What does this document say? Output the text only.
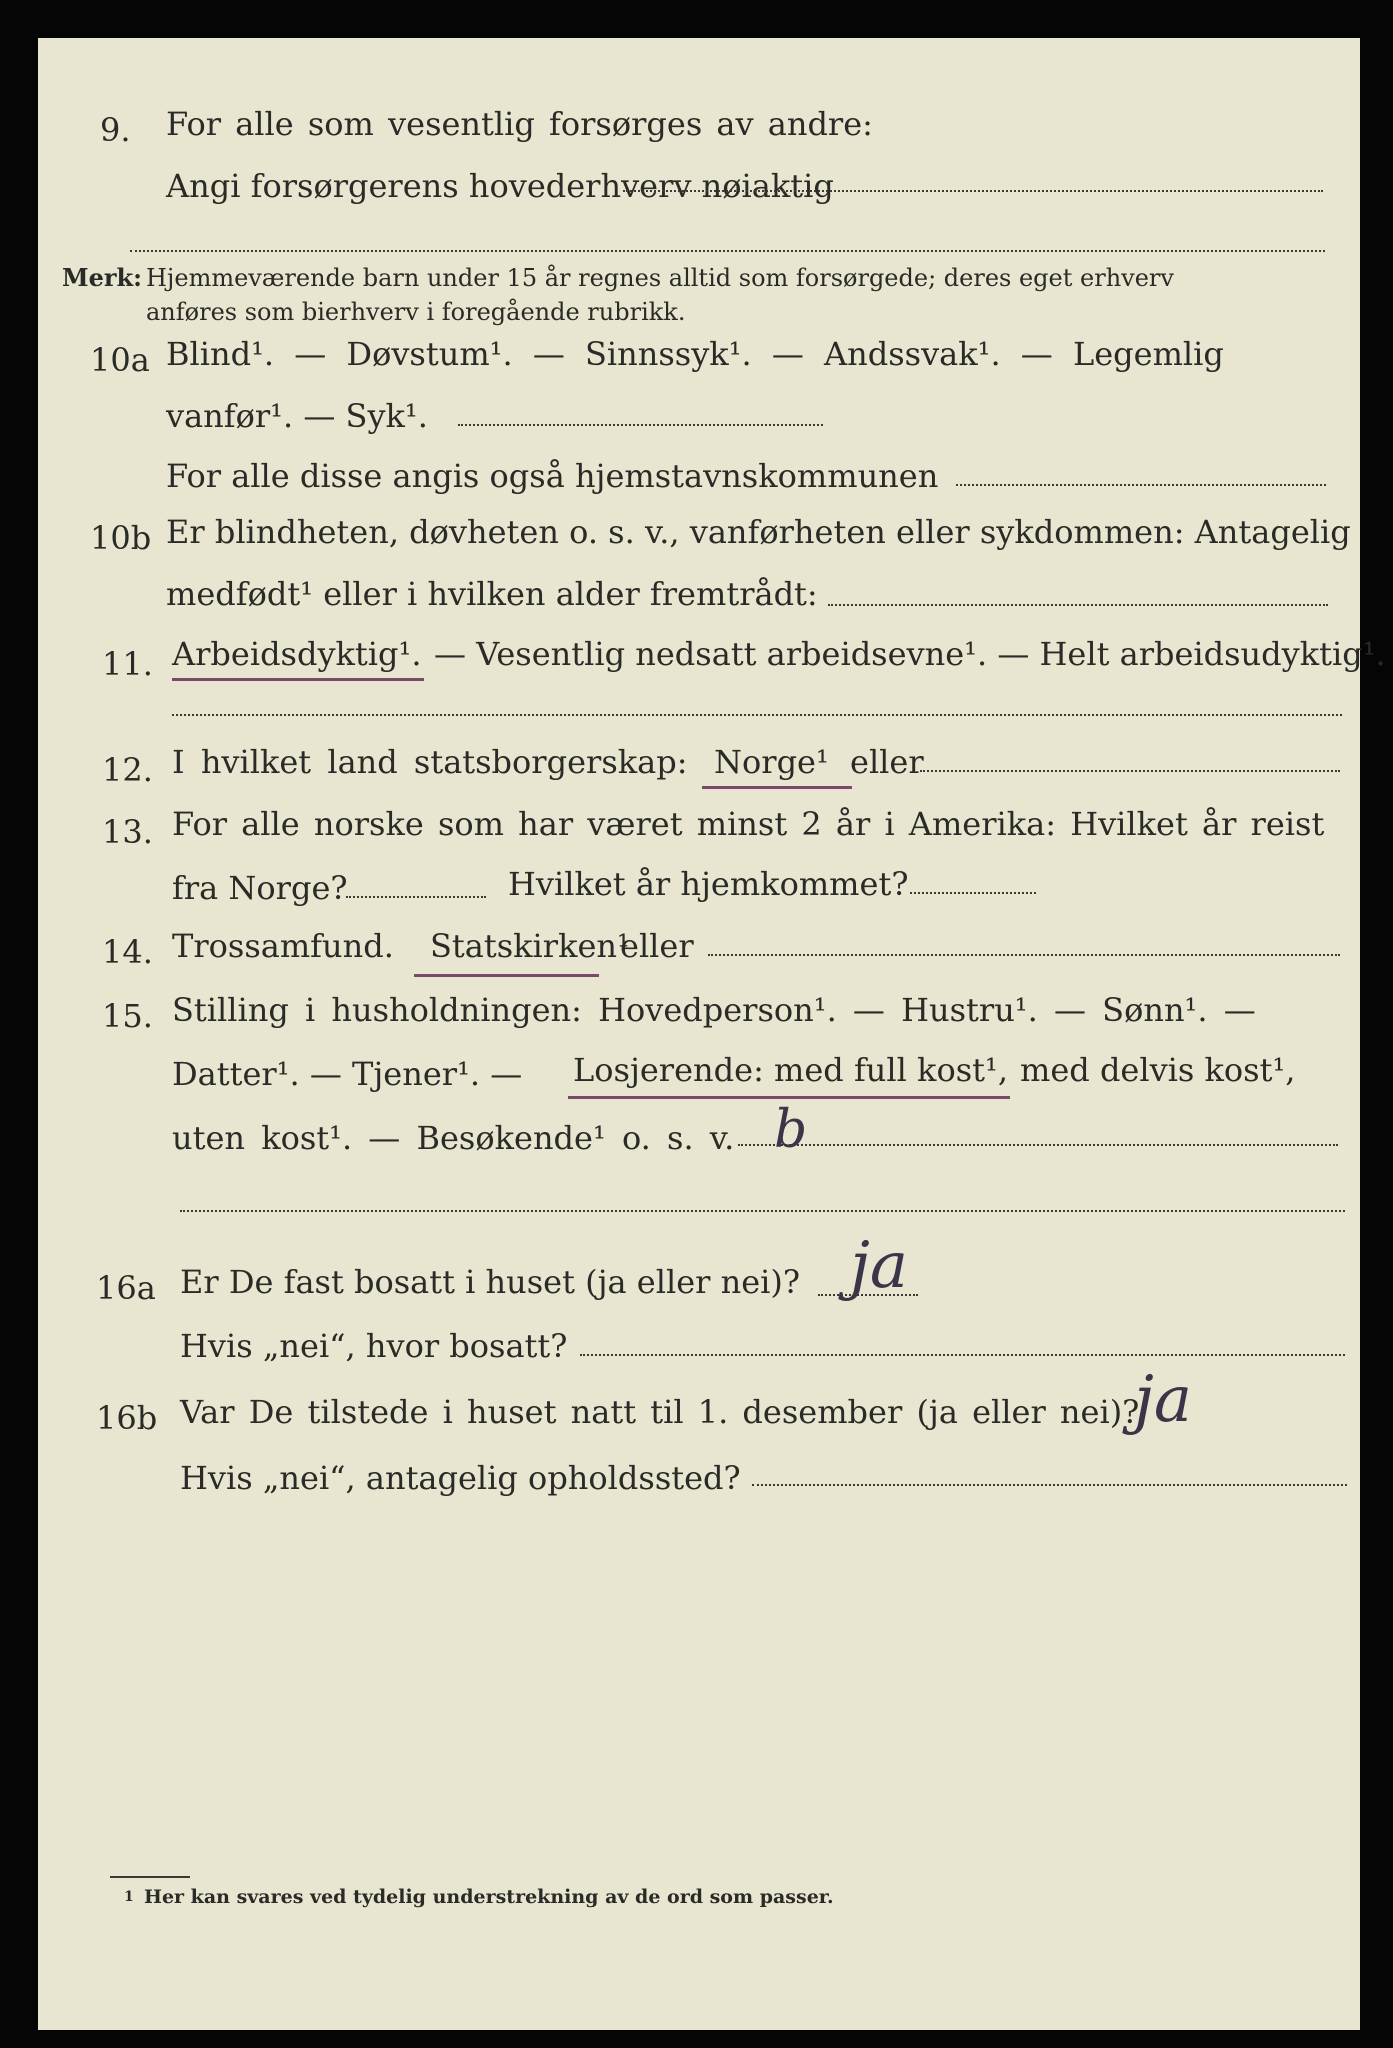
9. For alle som vesentlig forsørges av andre:
Angi forsørgerens hovederhverv nøiaktig
Merk: Hjemmeværende barn under 15 år regnes alltid som forsørgede; deres eget erhverv
anføres som bierhverv i foregående rubrikk.
10a Blind¹. — Døvstum¹. — Sinnssyk¹. — Andssvak¹. — Legemlig
vanfør¹. — Syk¹.
For alle disse angis også hjemstavnskommunen
10b Er blindheten, døvheten o. s. v., vanførheten eller sykdommen: Antagelig
medfødt¹ eller i hvilken alder fremtrådt:
11. Arbeidsdyktig¹. — Vesentlig nedsatt arbeidsevne¹. — Helt arbeidsudyktig¹.
12. I hvilket land statsborgerskap: Norge¹ eller
13. For alle norske som har været minst 2 år i Amerika: Hvilket år reist
fra Norge?	Hvilket år hjemkommet?
14. Trossamfund. Statskirken¹
eller
15. Stilling i husholdningen: Hovedperson¹. — Hustru¹. — Sønn¹. —
Datter¹. — Tjener¹. — Losjerende: med full kost¹, med delvis kost¹,
uten kost¹. — Besøkende¹ o. s. v. b
16a Er De fast bosatt i huset (ja eller nei)? ja
Hvis „nei“, hvor bosatt?
16b Var De tilstede i huset natt til 1. desember (ja eller nei)?
ja
Hvis „nei“, antagelig opholdssted?
1 Her kan svares ved tydelig understrekning av de ord som passer.
